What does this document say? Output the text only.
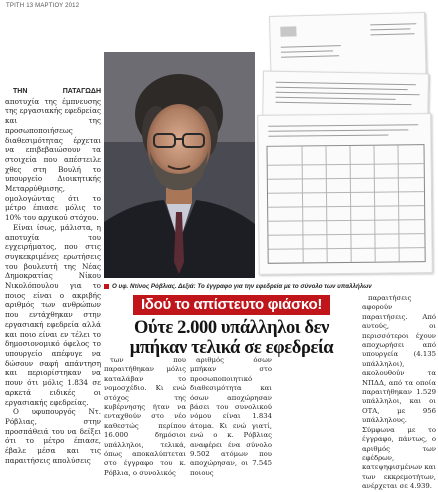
ΤΡΙΤΗ 13 ΜΑΡΤΙΟΥ 2012

ΤΗΝ ΠΑΤΑΓΩΔΗ αποτυχία της έμπνευσης της εργασιακής εφεδρείας και της προσωποποιήσεως διαθεσιμότητας έρχεται να επιβεβαιώσουν τα στοιχεία που απέστειλε χθες στη Βουλή το υπουργείο Διοικητικής Μεταρρύθμισης, ομολογώντας ότι το μέτρο έπιασε μόλις το 10% του αρχικού στόχου.

Είναι ίσως, μάλιστα, η αποτυχία του εγχειρήματος, που στις συγκεκριμένες ερωτήσεις του βουλευτή της Νέας Δημοκρατίας Νίκου Νικολόπουλου για το ποιος είναι ο ακριβής αριθμός των ανθρώπων που εντάχθηκαν στην εργασιακή εφεδρεία αλλά και ποιο είναι εν τέλει το δημοσιονομικό όφελος το υπουργείο απέφυγε να δώσουν σαφή απάντηση και περιορίστηκαν να πουν ότι μόλις 1.834 σε αρκετά ειδικές οι εργασιακής εφεδρείας.

Ο υφυπουργός Ντ. Ρόβλιας, στην προσπάθειά του να δείξει ότι το μέτρο έπιασε, έβαλε μέσα και τις παραιτήσεις απολύσεις

Ο υφ. Ντίνος Ρόβλιας. Δεξιά: Το έγγραφο για την εφεδρεία με το σύνολο των υπαλλήλων
Ιδού το απίστευτο φιάσκο!
Ούτε 2.000 υπάλληλοι δεν μπήκαν τελικά σε εφεδρεία

των που παραιτήθηκαν μόλις καταλάβαν το νομοσχέδιο. Κι ενώ στόχος της κυβέρνησης ήταν να ενταχθούν στο νέο καθεστώς περίπου 16.000 δημόσιοι υπάλληλοι, τελικά, όπως αποκαλύπτεται στο έγγραφο του κ. Ρόβλια, ο συνολικός

αριθμός όσων μπήκαν στο προσωποποιητικό διαθεσιμότητα και όσων αποχώρησαν βάσει του συνολικού νόμου είναι 1.834 άτομα. Κι ενώ γιατί, ενώ ο κ. Ρόβλιας αναφέρει ένα σύνολο 9.502 ατόμων που αποχώρησαν, οι 7.545 ποιους

παραιτήσεις αφορούν παραιτήσεις. Από αυτούς, οι περισσότεροι έχουν αποχωρήσει από υπουργεία (4.135 υπάλληλοι), ακολουθούν τα ΝΠΔΔ, από τα οποία παραιτήθηκαν 1.529 υπάλληλοι, και οι ΟΤΑ, με 956 υπάλληλους. Σύμφωνα με το έγγραφο, πάντως, ο αριθμός των εφέδρων, κατεψηφισμένων και των εκκρεμοτήτων, ανέρχεται σε 4.939.
